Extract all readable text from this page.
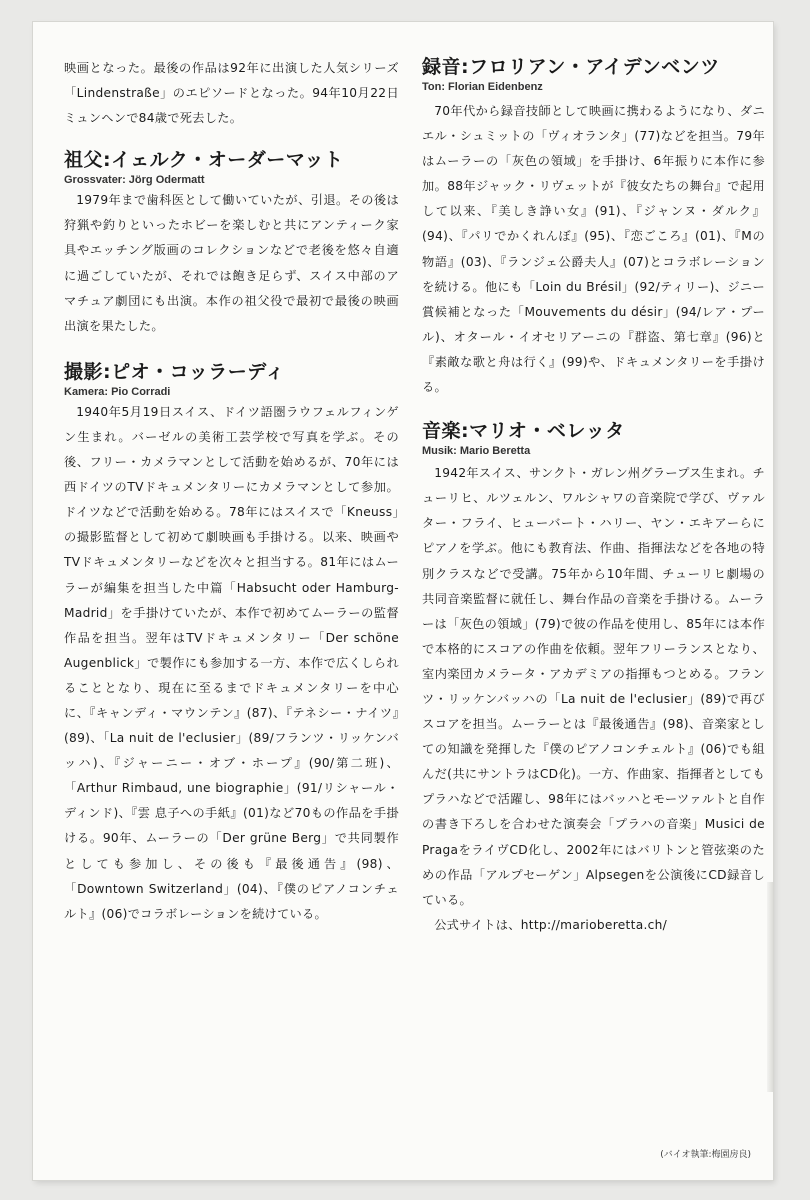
映画となった。最後の作品は92年に出演した人気シリーズ「Lindenstraße」のエピソードとなった。94年10月22日ミュンヘンで84歳で死去した。

祖父:イェルク・オーダーマット
Grossvater: Jörg Odermatt

1979年まで歯科医として働いていたが、引退。その後は狩猟や釣りといったホビーを楽しむと共にアンティーク家具やエッチング版画のコレクションなどで老後を悠々自適に過ごしていたが、それでは飽き足らず、スイス中部のアマチュア劇団にも出演。本作の祖父役で最初で最後の映画出演を果たした。

撮影:ピオ・コッラーディ
Kamera: Pio Corradi

1940年5月19日スイス、ドイツ語圏ラウフェルフィンゲン生まれ。バーゼルの美術工芸学校で写真を学ぶ。その後、フリー・カメラマンとして活動を始めるが、70年には西ドイツのTVドキュメンタリーにカメラマンとして参加。ドイツなどで活動を始める。78年にはスイスで「Kneuss」の撮影監督として初めて劇映画も手掛ける。以来、映画やTVドキュメンタリーなどを次々と担当する。81年にはムーラーが編集を担当した中篇「Habsucht oder Hamburg-Madrid」を手掛けていたが、本作で初めてムーラーの監督作品を担当。翌年はTVドキュメンタリー「Der schöne Augenblick」で製作にも参加する一方、本作で広くしられることとなり、現在に至るまでドキュメンタリーを中心に、『キャンディ・マウンテン』(87)、『テネシー・ナイツ』(89)、「La nuit de l'eclusier」(89/フランツ・リッケンバッハ)、『ジャーニー・オブ・ホープ』(90/第二班)、「Arthur Rimbaud, une biographie」(91/リシャール・ディンド)、『雲 息子への手紙』(01)など70もの作品を手掛ける。90年、ムーラーの「Der grüne Berg」で共同製作としても参加し、その後も『最後通告』(98)、「Downtown Switzerland」(04)、『僕のピアノコンチェルト』(06)でコラボレーションを続けている。

録音:フロリアン・アイデンベンツ
Ton: Florian Eidenbenz

70年代から録音技師として映画に携わるようになり、ダニエル・シュミットの「ヴィオランタ」(77)などを担当。79年はムーラーの「灰色の領域」を手掛け、6年振りに本作に参加。88年ジャック・リヴェットが『彼女たちの舞台』で起用して以来、『美しき諍い女』(91)、『ジャンヌ・ダルク』(94)、『パリでかくれんぼ』(95)、『恋ごころ』(01)、『Mの物語』(03)、『ランジェ公爵夫人』(07)とコラボレーションを続ける。他にも「Loin du Brésil」(92/ティリー)、ジニー賞候補となった「Mouvements du désir」(94/レア・プール)、オタール・イオセリアーニの『群盗、第七章』(96)と『素敵な歌と舟は行く』(99)や、ドキュメンタリーを手掛ける。

音楽:マリオ・ベレッタ
Musik: Mario Beretta

1942年スイス、サンクト・ガレン州グラープス生まれ。チューリヒ、ルツェルン、ワルシャワの音楽院で学び、ヴァルター・フライ、ヒューバート・ハリー、ヤン・エキアーらにピアノを学ぶ。他にも教育法、作曲、指揮法などを各地の特別クラスなどで受講。75年から10年間、チューリヒ劇場の共同音楽監督に就任し、舞台作品の音楽を手掛ける。ムーラーは「灰色の領域」(79)で彼の作品を使用し、85年には本作で本格的にスコアの作曲を依頼。翌年フリーランスとなり、室内楽団カメラータ・アカデミアの指揮もつとめる。フランツ・リッケンバッハの「La nuit de l'eclusier」(89)で再びスコアを担当。ムーラーとは『最後通告』(98)、音楽家としての知識を発揮した『僕のピアノコンチェルト』(06)でも組んだ(共にサントラはCD化)。一方、作曲家、指揮者としてもプラハなどで活躍し、98年にはバッハとモーツァルトと自作の書き下ろしを合わせた演奏会「プラハの音楽」Musici de PragaをライヴCD化し、2002年にはバリトンと管弦楽のための作品「アルプセーゲン」Alpsegenを公演後にCD録音している。

公式サイトは、http://marioberetta.ch/

(バイオ執筆:梅園房良)
